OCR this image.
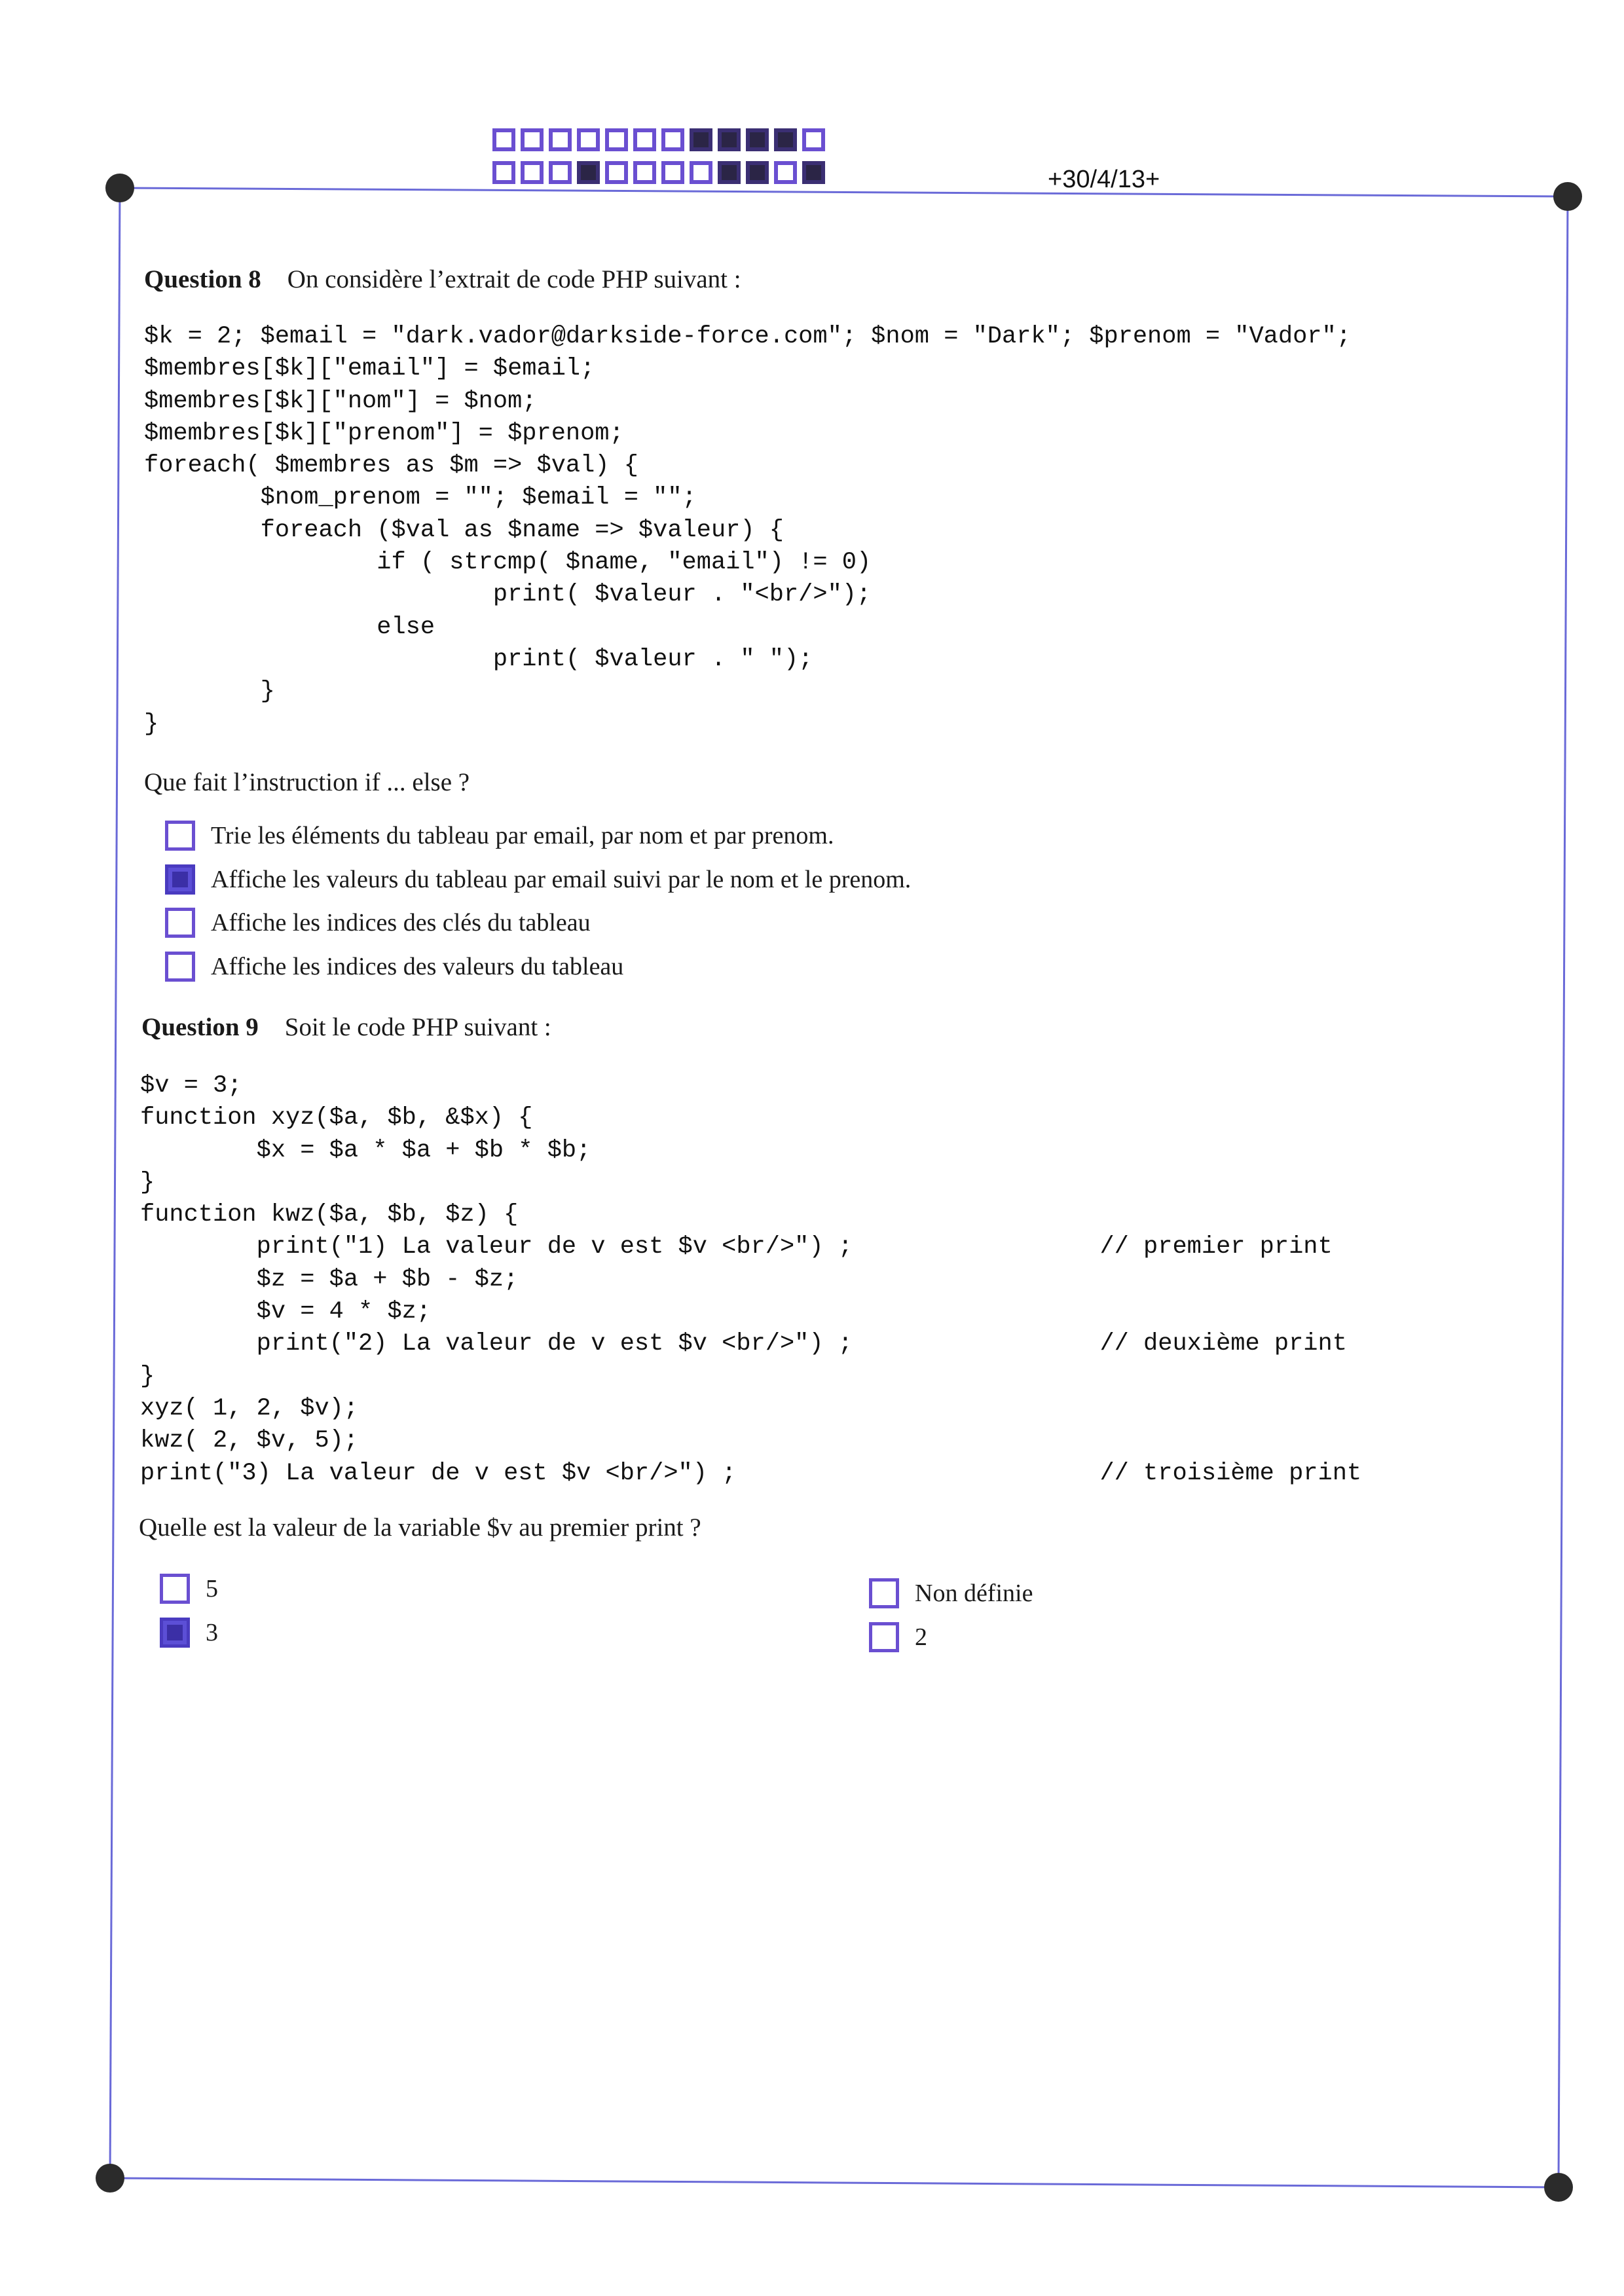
+30/4/13+
Question 8 On considère l’extrait de code PHP suivant :
$k = 2; $email = "dark.vador@darkside-force.com"; $nom = "Dark"; $prenom = "Vador";
$membres[$k]["email"] = $email;
$membres[$k]["nom"] = $nom;
$membres[$k]["prenom"] = $prenom;
foreach( $membres as $m => $val) {
$nom_prenom = ""; $email = "";
foreach ($val as $name => $valeur) {
if ( strcmp( $name, "email") != 0)
print( $valeur . "<br/>");
else
print( $valeur . " ");
}
}
Que fait l’instruction if ... else ?
Trie les éléments du tableau par email, par nom et par prenom.
Affiche les valeurs du tableau par email suivi par le nom et le prenom.
Affiche les indices des clés du tableau
Affiche les indices des valeurs du tableau
Question 9 Soit le code PHP suivant :
$v = 3;
function xyz($a, $b, &$x) {
$x = $a * $a + $b * $b;
}
function kwz($a, $b, $z) {
print("1) La valeur de v est $v <br/>") ;                 // premier print
$z = $a + $b - $z;
$v = 4 * $z;
print("2) La valeur de v est $v <br/>") ;                 // deuxième print
}
xyz( 1, 2, $v);
kwz( 2, $v, 5);
print("3) La valeur de v est $v <br/>") ;                         // troisième print
Quelle est la valeur de la variable $v au premier print ?
5
3
Non définie
2
